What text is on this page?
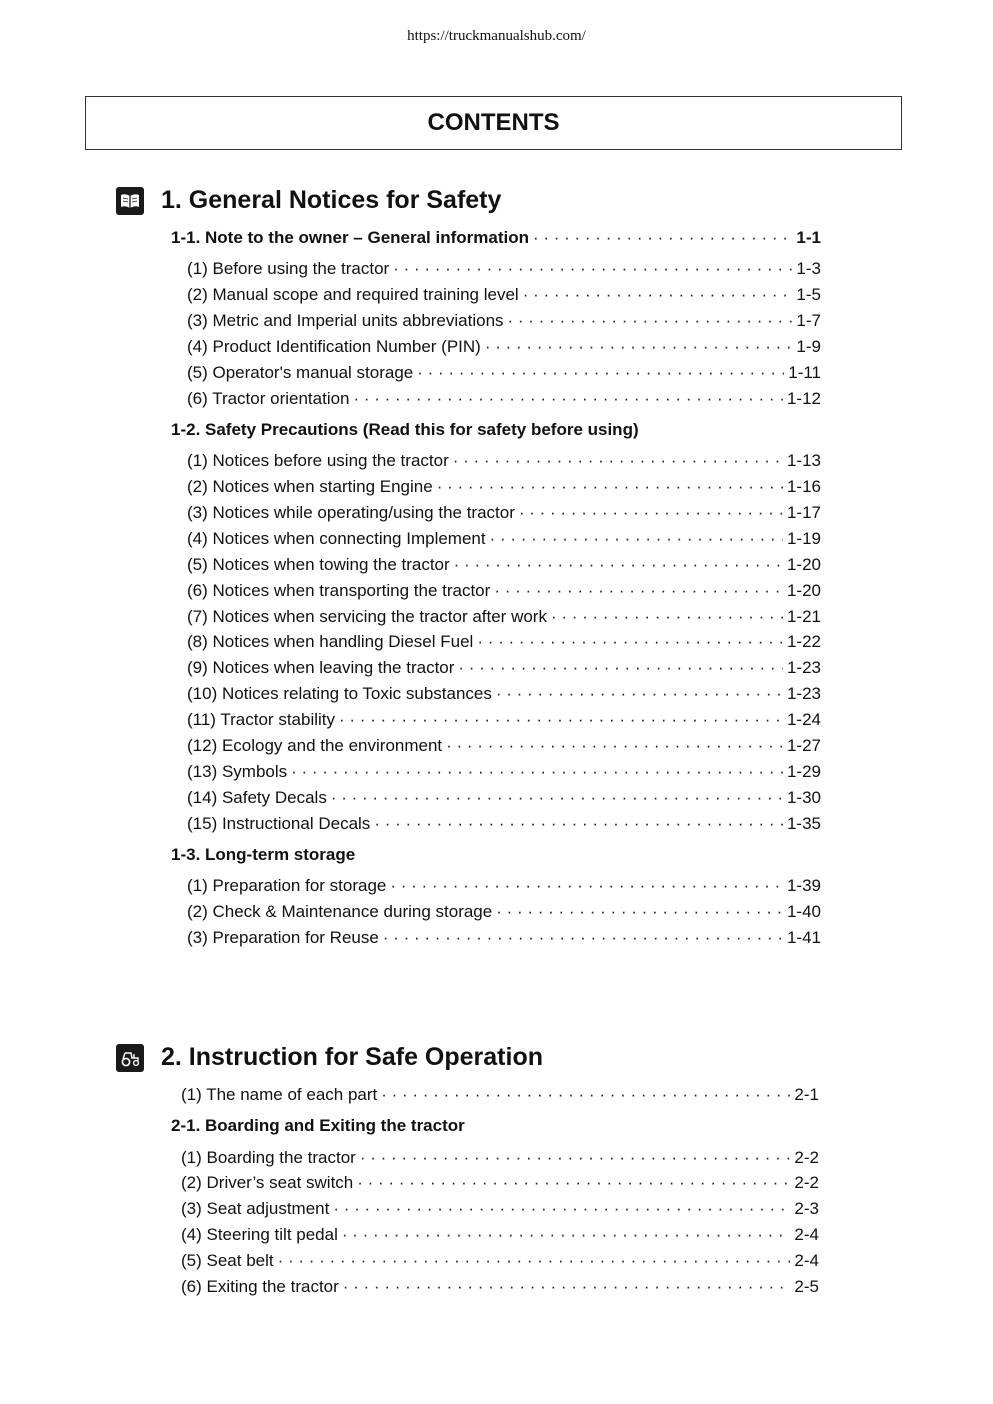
https://truckmanualshub.com/
CONTENTS
1. General Notices for Safety
1-1. Note to the owner – General information · · ·	1-1
(1) Before using the tractor · · ·	1-3
(2) Manual scope and required training level · · ·	1-5
(3) Metric and Imperial units abbreviations · · ·	1-7
(4) Product Identification Number (PIN) · · ·	1-9
(5) Operator's manual storage · · ·	1-11
(6) Tractor orientation · · ·	1-12
1-2. Safety Precautions (Read this for safety before using)
(1) Notices before using the tractor · · ·	1-13
(2) Notices when starting Engine · · ·	1-16
(3) Notices while operating/using the tractor · · ·	1-17
(4) Notices when connecting Implement · · ·	1-19
(5) Notices when towing the tractor · · ·	1-20
(6) Notices when transporting the tractor · · ·	1-20
(7) Notices when servicing the tractor after work · · ·	1-21
(8) Notices when handling Diesel Fuel · · ·	1-22
(9) Notices when leaving the tractor · · ·	1-23
(10) Notices relating to Toxic substances · · ·	1-23
(11) Tractor stability · · ·	1-24
(12) Ecology and the environment · · ·	1-27
(13) Symbols · · ·	1-29
(14) Safety Decals · · ·	1-30
(15) Instructional Decals · · ·	1-35
1-3. Long-term storage
(1) Preparation for storage · · ·	1-39
(2) Check & Maintenance during storage · · ·	1-40
(3) Preparation for Reuse · · ·	1-41
2. Instruction for Safe Operation
(1) The name of each part · · ·	2-1
2-1. Boarding and Exiting the tractor
(1) Boarding the tractor · · ·	2-2
(2) Driver’s seat switch · · ·	2-2
(3) Seat adjustment · · ·	2-3
(4) Steering tilt pedal · · ·	2-4
(5) Seat belt · · ·	2-4
(6) Exiting the tractor · · ·	2-5
